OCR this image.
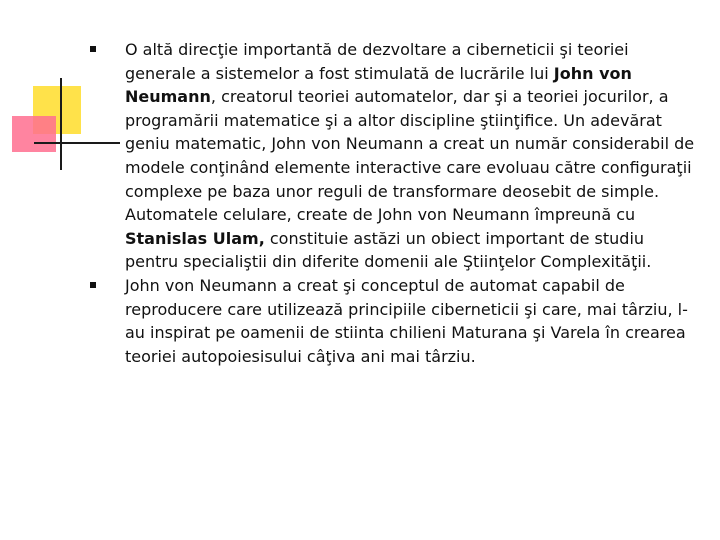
O altă direcţie importantă de dezvoltare a ciberneticii şi teoriei generale a sistemelor a fost stimulată de lucrările lui John von Neumann, creatorul teoriei automatelor, dar şi a teoriei jocurilor, a programării matematice şi a altor discipline ştiinţifice. Un adevărat geniu matematic, John von Neumann a creat un număr considerabil de modele conţinând elemente interactive care evoluau către configuraţii complexe pe baza unor reguli de transformare deosebit de simple. Automatele celulare, create de John von Neumann împreună cu Stanislas Ulam, constituie astăzi un obiect important de studiu pentru specialiştii din diferite domenii ale Ştiinţelor Complexităţii.
John von Neumann a creat şi conceptul de automat capabil de reproducere care utilizează principiile ciberneticii şi care, mai târziu, l-au inspirat pe oamenii de stiinta chilieni Maturana şi Varela în crearea teoriei autopoiesisului câţiva ani mai târziu.
